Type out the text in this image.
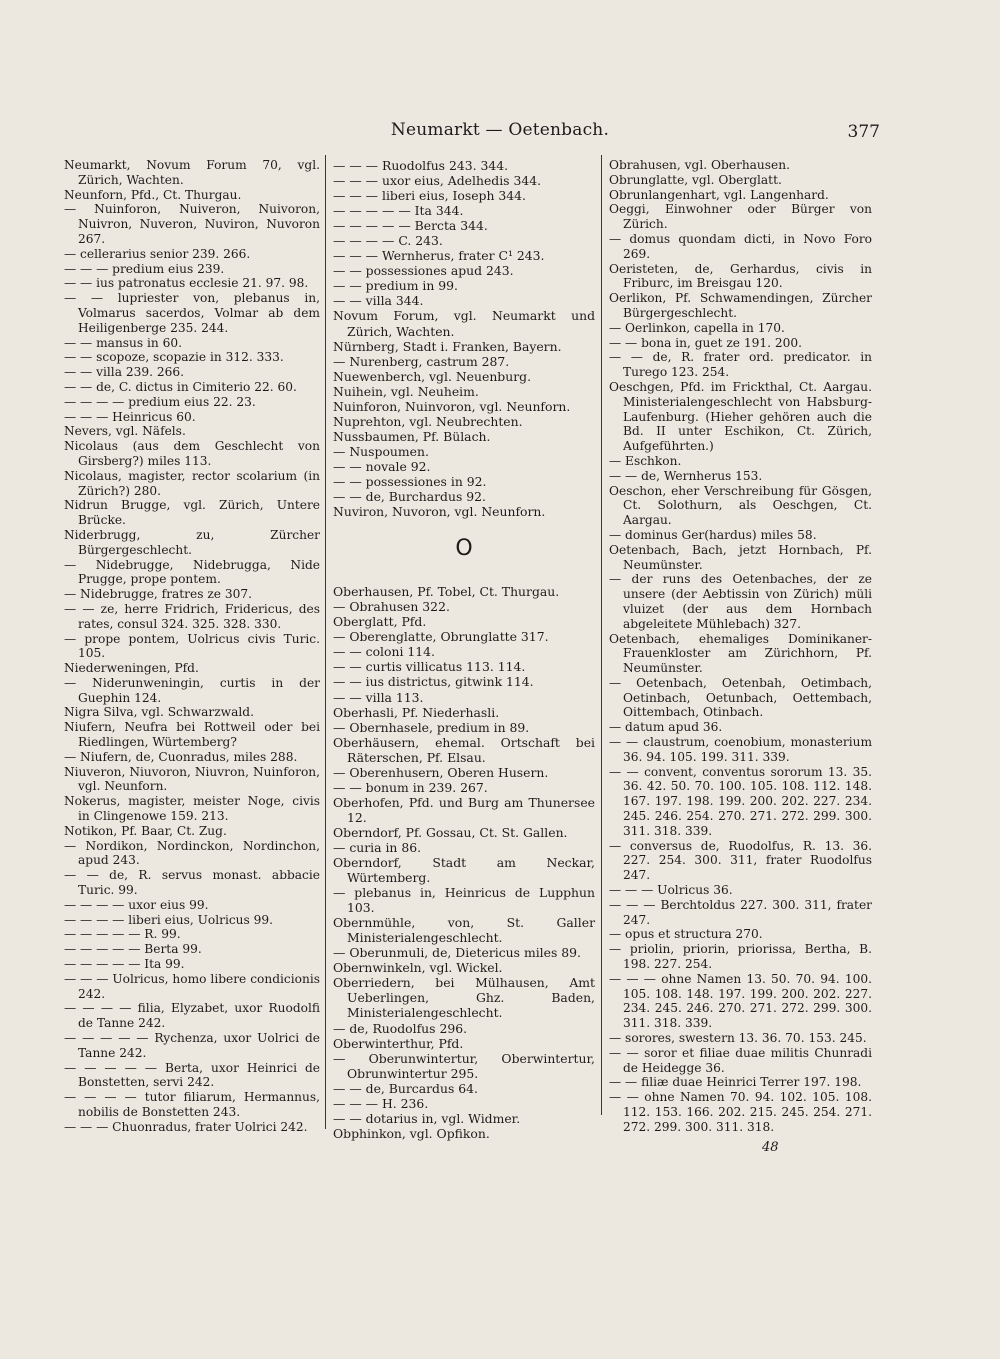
Neumarkt — Oetenbach.	377

Neumarkt, Novum Forum 70, vgl. Zürich, Wachten.

Neunforn, Pfd., Ct. Thurgau.

— Nuinforon, Nuiveron, Nuivoron, Nuivron, Nuveron, Nuviron, Nuvoron 267.

— cellerarius senior 239. 266.

— — — predium eius 239.

— — ius patronatus ecclesie 21. 97. 98.

— — lupriester von, plebanus in, Volmarus sacerdos, Volmar ab dem Heiligenberge 235. 244.

— — mansus in 60.

— — scopoze, scopazie in 312. 333.

— — villa 239. 266.

— — de, C. dictus in Cimiterio 22. 60.

— — — — predium eius 22. 23.

— — — Heinricus 60.

Nevers, vgl. Näfels.

Nicolaus (aus dem Geschlecht von Girsberg?) miles 113.

Nicolaus, magister, rector scolarium (in Zürich?) 280.

Nidrun Brugge, vgl. Zürich, Untere Brücke.

Niderbrugg, zu, Zürcher Bürgergeschlecht.

— Nidebrugge, Nidebrugga, Nide Prugge, prope pontem.

— Nidebrugge, fratres ze 307.

— — ze, herre Fridrich, Fridericus, des rates, consul 324. 325. 328. 330.

— prope pontem, Uolricus civis Turic. 105.

Niederweningen, Pfd.

— Niderunweningin, curtis in der Guephin 124.

Nigra Silva, vgl. Schwarzwald.

Niufern, Neufra bei Rottweil oder bei Riedlingen, Würtemberg?

— Niufern, de, Cuonradus, miles 288.

Niuveron, Niuvoron, Niuvron, Nuinforon, vgl. Neunforn.

Nokerus, magister, meister Noge, civis in Clingenowe 159. 213.

Notikon, Pf. Baar, Ct. Zug.

— Nordikon, Nordinckon, Nordinchon, apud 243.

— — de, R. servus monast. abbacie Turic. 99.

— — — — uxor eius 99.

— — — — liberi eius, Uolricus 99.

— — — — — R. 99.

— — — — — Berta 99.

— — — — — Ita 99.

— — — Uolricus, homo libere condicionis 242.

— — — — filia, Elyzabet, uxor Ruodolfi de Tanne 242.

— — — — — Rychenza, uxor Uolrici de Tanne 242.

— — — — — Berta, uxor Heinrici de Bonstetten, servi 242.

— — — — tutor filiarum, Hermannus, nobilis de Bonstetten 243.

— — — Chuonradus, frater Uolrici 242.

— — — Ruodolfus 243. 344.

— — — uxor eius, Adelhedis 344.

— — — liberi eius, Ioseph 344.

— — — — — Ita 344.

— — — — — Bercta 344.

— — — — C. 243.

— — — Wernherus, frater C¹ 243.

— — possessiones apud 243.

— — predium in 99.

— — villa 344.

Novum Forum, vgl. Neumarkt und Zürich, Wachten.

Nürnberg, Stadt i. Franken, Bayern.

— Nurenberg, castrum 287.

Nuewenberch, vgl. Neuenburg.

Nuihein, vgl. Neuheim.

Nuinforon, Nuinvoron, vgl. Neunforn.

Nuprehton, vgl. Neubrechten.

Nussbaumen, Pf. Bülach.

— Nuspoumen.

— — novale 92.

— — possessiones in 92.

— — de, Burchardus 92.

Nuviron, Nuvoron, vgl. Neunforn.

O

Oberhausen, Pf. Tobel, Ct. Thurgau.

— Obrahusen 322.

Oberglatt, Pfd.

— Oberenglatte, Obrunglatte 317.

— — coloni 114.

— — curtis villicatus 113. 114.

— — ius districtus, gitwink 114.

— — villa 113.

Oberhasli, Pf. Niederhasli.

— Obernhasele, predium in 89.

Oberhäusern, ehemal. Ortschaft bei Räterschen, Pf. Elsau.

— Oberenhusern, Oberen Husern.

— — bonum in 239. 267.

Oberhofen, Pfd. und Burg am Thunersee 12.

Oberndorf, Pf. Gossau, Ct. St. Gallen.

— curia in 86.

Oberndorf, Stadt am Neckar, Würtemberg.

— plebanus in, Heinricus de Lupphun 103.

Obernmühle, von, St. Galler Ministerialengeschlecht.

— Oberunmuli, de, Dietericus miles 89.

Obernwinkeln, vgl. Wickel.

Oberriedern, bei Mülhausen, Amt Ueberlingen, Ghz. Baden, Ministerialengeschlecht.

— de, Ruodolfus 296.

Oberwinterthur, Pfd.

— Oberunwintertur, Oberwintertur, Obrunwintertur 295.

— — de, Burcardus 64.

— — — H. 236.

— — dotarius in, vgl. Widmer.

Obphinkon, vgl. Opfikon.

Obrahusen, vgl. Oberhausen.

Obrunglatte, vgl. Oberglatt.

Obrunlangenhart, vgl. Langenhard.

Oeggi, Einwohner oder Bürger von Zürich.

— domus quondam dicti, in Novo Foro 269.

Oeristeten, de, Gerhardus, civis in Friburc, im Breisgau 120.

Oerlikon, Pf. Schwamendingen, Zürcher Bürgergeschlecht.

— Oerlinkon, capella in 170.

— — bona in, guet ze 191. 200.

— — de, R. frater ord. predicator. in Turego 123. 254.

Oeschgen, Pfd. im Frickthal, Ct. Aargau. Ministerialengeschlecht von Habsburg-Laufenburg. (Hieher gehören auch die Bd. II unter Eschikon, Ct. Zürich, Aufgeführten.)

— Eschkon.

— — de, Wernherus 153.

Oeschon, eher Verschreibung für Gösgen, Ct. Solothurn, als Oeschgen, Ct. Aargau.

— dominus Ger(hardus) miles 58.

Oetenbach, Bach, jetzt Hornbach, Pf. Neumünster.

— der runs des Oetenbaches, der ze unsere (der Aebtissin von Zürich) müli vluizet (der aus dem Hornbach abgeleitete Mühlebach) 327.

Oetenbach, ehemaliges Dominikaner-Frauenkloster am Zürichhorn, Pf. Neumünster.

— Oetenbach, Oetenbah, Oetimbach, Oetinbach, Oetunbach, Oettembach, Oittembach, Otinbach.

— datum apud 36.

— — claustrum, coenobium, monasterium 36. 94. 105. 199. 311. 339.

— — convent, conventus sororum 13. 35. 36. 42. 50. 70. 100. 105. 108. 112. 148. 167. 197. 198. 199. 200. 202. 227. 234. 245. 246. 254. 270. 271. 272. 299. 300. 311. 318. 339.

— conversus de, Ruodolfus, R. 13. 36. 227. 254. 300. 311, frater Ruodolfus 247.

— — — Uolricus 36.

— — — Berchtoldus 227. 300. 311, frater 247.

— opus et structura 270.

— priolin, priorin, priorissa, Bertha, B. 198. 227. 254.

— — — ohne Namen 13. 50. 70. 94. 100. 105. 108. 148. 197. 199. 200. 202. 227. 234. 245. 246. 270. 271. 272. 299. 300. 311. 318. 339.

— sorores, swestern 13. 36. 70. 153. 245.

— — soror et filiae duae militis Chunradi de Heidegge 36.

— — filiæ duae Heinrici Terrer 197. 198.

— — ohne Namen 70. 94. 102. 105. 108. 112. 153. 166. 202. 215. 245. 254. 271. 272. 299. 300. 311. 318.

48
